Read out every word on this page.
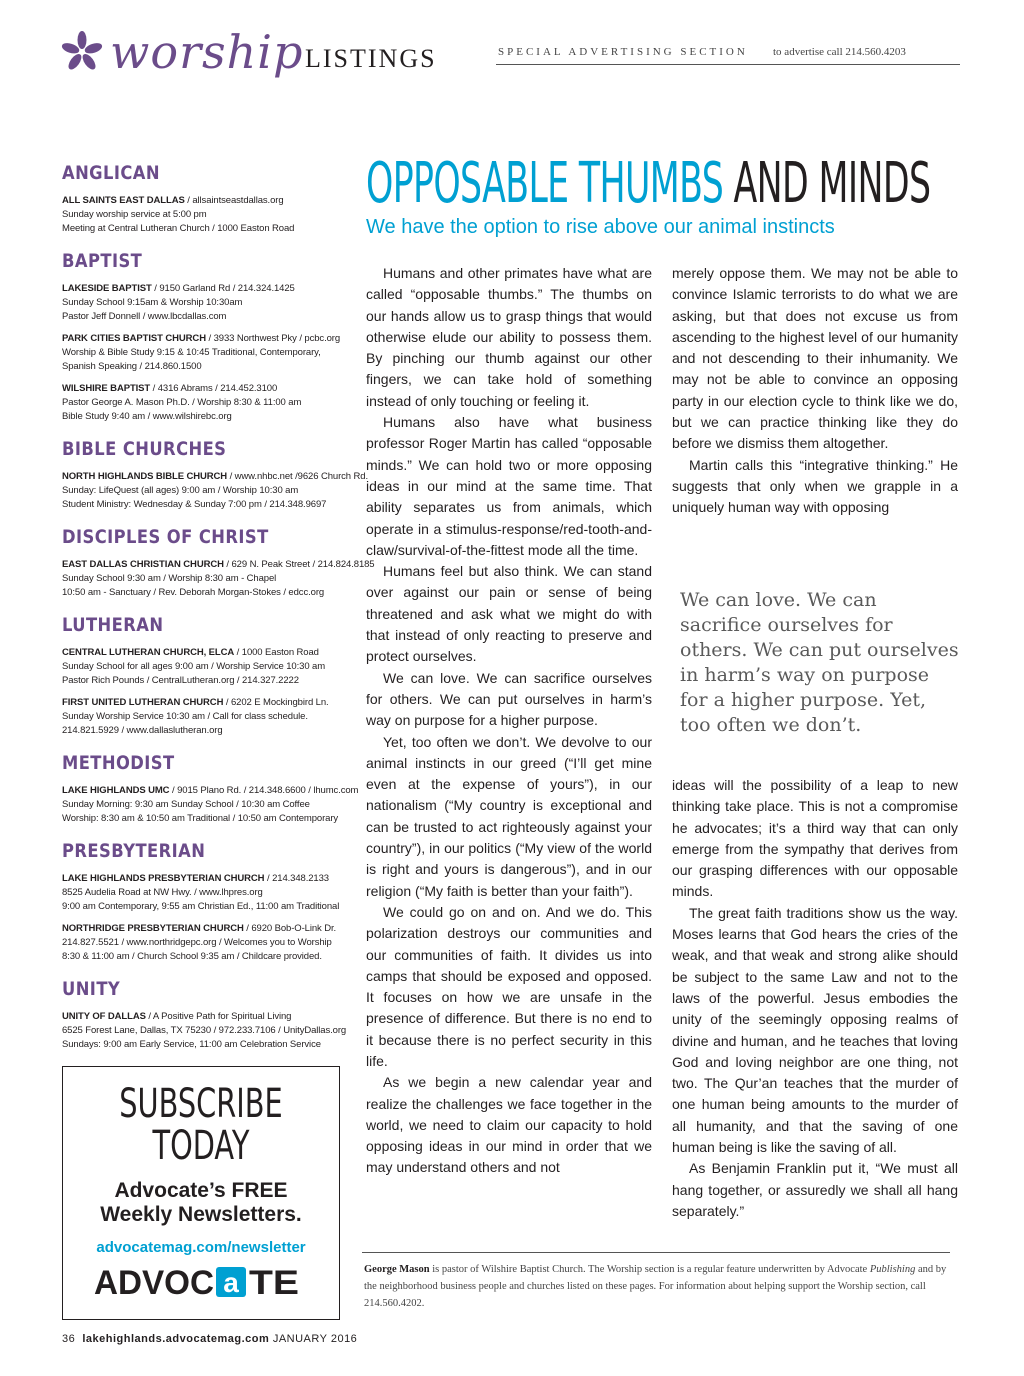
worship LISTINGS	SPECIAL ADVERTISING SECTION to advertise call 214.560.4203
ANGLICAN
ALL SAINTS EAST DALLAS / allsaintseastdallas.org
Sunday worship service at 5:00 pm
Meeting at Central Lutheran Church / 1000 Easton Road
BAPTIST
LAKESIDE BAPTIST / 9150 Garland Rd / 214.324.1425
Sunday School 9:15am & Worship 10:30am
Pastor Jeff Donnell / www.lbcdallas.com
PARK CITIES BAPTIST CHURCH / 3933 Northwest Pky / pcbc.org
Worship & Bible Study 9:15 & 10:45 Traditional, Contemporary,
Spanish Speaking / 214.860.1500
WILSHIRE BAPTIST / 4316 Abrams / 214.452.3100
Pastor George A. Mason Ph.D. / Worship 8:30 & 11:00 am
Bible Study 9:40 am / www.wilshirebc.org
BIBLE CHURCHES
NORTH HIGHLANDS BIBLE CHURCH / www.nhbc.net /9626 Church Rd.
Sunday: LifeQuest (all ages) 9:00 am / Worship 10:30 am
Student Ministry: Wednesday & Sunday 7:00 pm / 214.348.9697
DISCIPLES OF CHRIST
EAST DALLAS CHRISTIAN CHURCH / 629 N. Peak Street / 214.824.8185
Sunday School 9:30 am / Worship 8:30 am - Chapel
10:50 am - Sanctuary / Rev. Deborah Morgan-Stokes / edcc.org
LUTHERAN
CENTRAL LUTHERAN CHURCH, ELCA / 1000 Easton Road
Sunday School for all ages 9:00 am / Worship Service 10:30 am
Pastor Rich Pounds / CentralLutheran.org / 214.327.2222
FIRST UNITED LUTHERAN CHURCH / 6202 E Mockingbird Ln.
Sunday Worship Service 10:30 am / Call for class schedule.
214.821.5929 / www.dallaslutheran.org
METHODIST
LAKE HIGHLANDS UMC / 9015 Plano Rd. / 214.348.6600 / lhumc.com
Sunday Morning: 9:30 am Sunday School / 10:30 am Coffee
Worship: 8:30 am & 10:50 am Traditional / 10:50 am Contemporary
PRESBYTERIAN
LAKE HIGHLANDS PRESBYTERIAN CHURCH / 214.348.2133
8525 Audelia Road at NW Hwy. / www.lhpres.org
9:00 am Contemporary, 9:55 am Christian Ed., 11:00 am Traditional
NORTHRIDGE PRESBYTERIAN CHURCH / 6920 Bob-O-Link Dr.
214.827.5521 / www.northridgepc.org / Welcomes you to Worship
8:30 & 11:00 am / Church School 9:35 am / Childcare provided.
UNITY
UNITY OF DALLAS / A Positive Path for Spiritual Living
6525 Forest Lane, Dallas, TX 75230 / 972.233.7106 / UnityDallas.org
Sundays: 9:00 am Early Service, 11:00 am Celebration Service
SUBSCRIBE
TODAY
Advocate’s FREE
Weekly Newsletters.
advocatemag.com/newsletter
ADVOC a TE
OPPOSABLE THUMBS AND MINDS
We have the option to rise above our animal instincts

Humans and other primates have what are called “opposable thumbs.” The thumbs on our hands allow us to grasp things that would otherwise elude our ability to possess them. By pinching our thumb against our other fingers, we can take hold of something instead of only touching or feeling it.

Humans also have what business professor Roger Martin has called “opposable minds.” We can hold two or more opposing ideas in our mind at the same time. That ability separates us from animals, which operate in a stimulus-response/red-tooth-and-claw/survival-of-the-fittest mode all the time.

Humans feel but also think. We can stand over against our pain or sense of being threatened and ask what we might do with that instead of only reacting to preserve and protect ourselves.

We can love. We can sacrifice ourselves for others. We can put ourselves in harm’s way on purpose for a higher purpose.

Yet, too often we don’t. We devolve to our animal instincts in our greed (“I’ll get mine even at the expense of yours”), in our nationalism (“My country is exceptional and can be trusted to act righteously against your country”), in our politics (“My view of the world is right and yours is dangerous”), and in our religion (“My faith is better than your faith”).

We could go on and on. And we do. This polarization destroys our communities and our communities of faith. It divides us into camps that should be exposed and opposed. It focuses on how we are unsafe in the presence of difference. But there is no end to it because there is no perfect security in this life.

As we begin a new calendar year and realize the challenges we face together in the world, we need to claim our capacity to hold opposing ideas in our mind in order that we may understand others and not

merely oppose them. We may not be able to convince Islamic terrorists to do what we are asking, but that does not excuse us from ascending to the highest level of our humanity and not descending to their inhumanity. We may not be able to convince an opposing party in our election cycle to think like we do, but we can practice thinking like they do before we dismiss them altogether.

Martin calls this “integrative thinking.” He suggests that only when we grapple in a uniquely human way with opposing

We can love. We can sacrifice ourselves for others. We can put ourselves in harm’s way on purpose for a higher purpose. Yet, too often we don’t.

ideas will the possibility of a leap to new thinking take place. This is not a compromise he advocates; it’s a third way that can only emerge from the sympathy that derives from our grasping differences with our opposable minds.

The great faith traditions show us the way. Moses learns that God hears the cries of the weak, and that weak and strong alike should be subject to the same Law and not to the laws of the powerful. Jesus embodies the unity of the seemingly opposing realms of divine and human, and he teaches that loving God and loving neighbor are one thing, not two. The Qur’an teaches that the murder of one human being amounts to the murder of all humanity, and that the saving of one human being is like the saving of all.

As Benjamin Franklin put it, “We must all hang together, or assuredly we shall all hang separately.”

George Mason is pastor of Wilshire Baptist Church. The Worship section is a regular feature underwritten by Advocate Publishing and by the neighborhood business people and churches listed on these pages. For information about helping support the Worship section, call 214.560.4202.
36 lakehighlands.advocatemag.com JANUARY 2016
